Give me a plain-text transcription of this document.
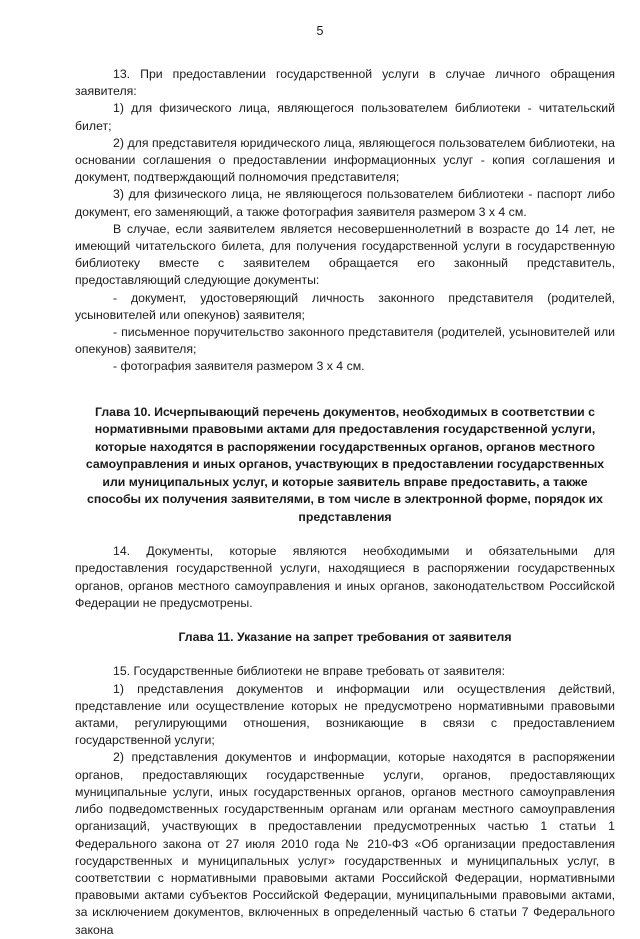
5

13. При предоставлении государственной услуги в случае личного обращения заявителя:

1) для физического лица, являющегося пользователем библиотеки - читательский билет;

2) для представителя юридического лица, являющегося пользователем библиотеки, на основании соглашения о предоставлении информационных услуг - копия соглашения и документ, подтверждающий полномочия представителя;

3) для физического лица, не являющегося пользователем библиотеки - паспорт либо документ, его заменяющий, а также фотография заявителя размером 3 х 4 см.

В случае, если заявителем является несовершеннолетний в возрасте до 14 лет, не имеющий читательского билета, для получения государственной услуги в государственную библиотеку вместе с заявителем обращается его законный представитель, предоставляющий следующие документы:

- документ, удостоверяющий личность законного представителя (родителей, усыновителей или опекунов) заявителя;

- письменное поручительство законного представителя (родителей, усыновителей или опекунов) заявителя;

- фотография заявителя размером 3 х 4 см.

Глава 10. Исчерпывающий перечень документов, необходимых в соответствии с нормативными правовыми актами для предоставления государственной услуги, которые находятся в распоряжении государственных органов, органов местного самоуправления и иных органов, участвующих в предоставлении государственных или муниципальных услуг, и которые заявитель вправе предоставить, а также способы их получения заявителями, в том числе в электронной форме, порядок их представления

14. Документы, которые являются необходимыми и обязательными для предоставления государственной услуги, находящиеся в распоряжении государственных органов, органов местного самоуправления и иных органов, законодательством Российской Федерации не предусмотрены.

Глава 11. Указание на запрет требования от заявителя

15. Государственные библиотеки не вправе требовать от заявителя:

1) представления документов и информации или осуществления действий, представление или осуществление которых не предусмотрено нормативными правовыми актами, регулирующими отношения, возникающие в связи с предоставлением государственной услуги;

2) представления документов и информации, которые находятся в распоряжении органов, предоставляющих государственные услуги, органов, предоставляющих муниципальные услуги, иных государственных органов, органов местного самоуправления либо подведомственных государственным органам или органам местного самоуправления организаций, участвующих в предоставлении предусмотренных частью 1 статьи 1 Федерального закона от 27 июля 2010 года № 210-ФЗ «Об организации предоставления государственных и муниципальных услуг» государственных и муниципальных услуг, в соответствии с нормативными правовыми актами Российской Федерации, нормативными правовыми актами субъектов Российской Федерации, муниципальными правовыми актами, за исключением документов, включенных в определенный частью 6 статьи 7 Федерального закона
